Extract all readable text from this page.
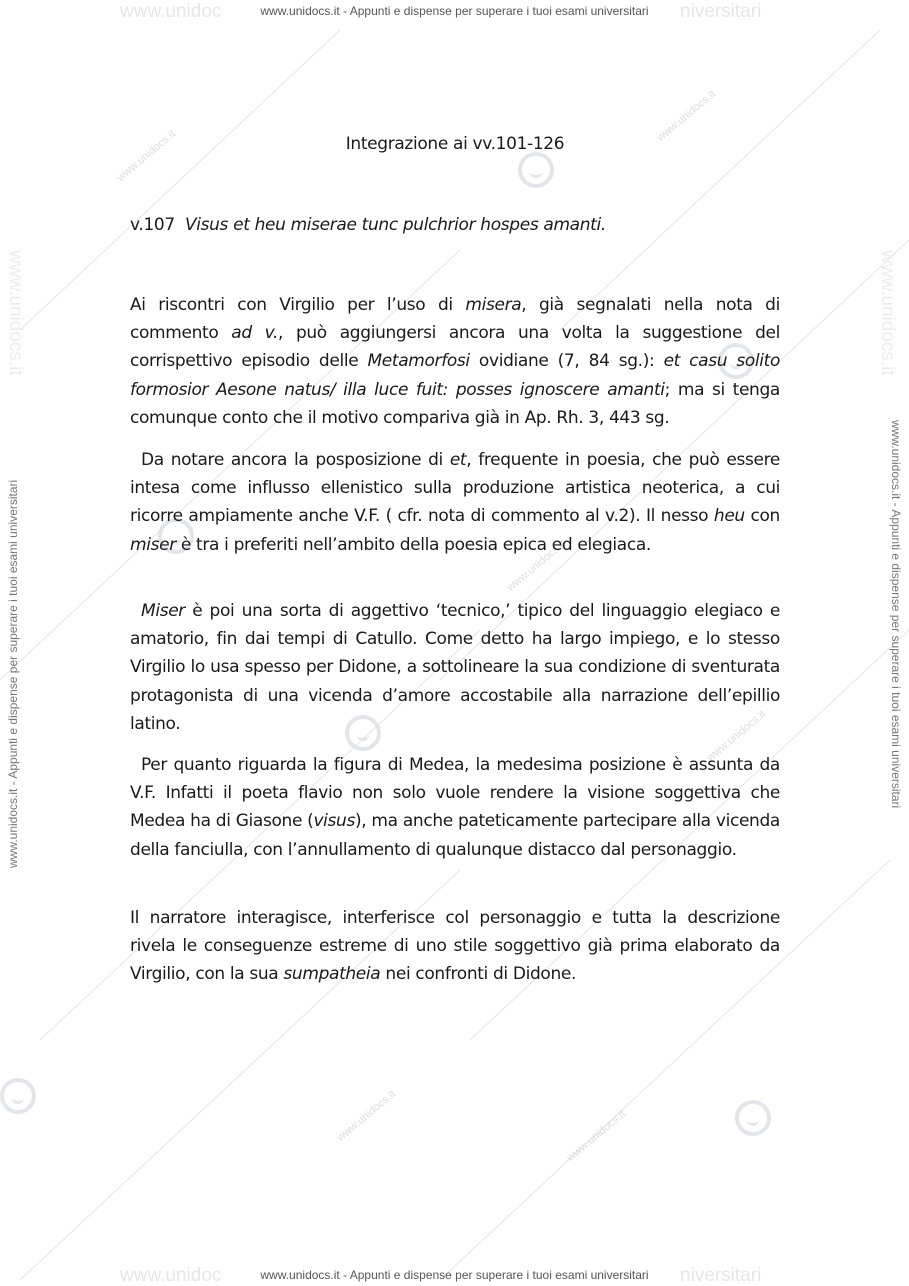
www.unidoc	niversitari
www.unidoc	niversitari
www.unidocs.it - Appunti e dispense per superare i tuoi esami universitari
www.unidocs.it - Appunti e dispense per superare i tuoi esami universitari
www.unidocs.it - Appunti e dispense per superare i tuoi esami universitari	www.unidocs.it - Appunti e dispense per superare i tuoi esami universitari
www.unidocs.it	www.unidocs.it
www.unidocs.it
www.unidocs.it
www.unidocs.it
www.unidocs.it
www.unidocs.it	www.unidocs.it
Integrazione ai vv.101-126
v.107 Visus et heu miserae tunc pulchrior hospes amanti.
Ai riscontri con Virgilio per l’uso di misera, già segnalati nella nota di commento ad v., può aggiungersi ancora una volta la suggestione del corrispettivo episodio delle Metamorfosi ovidiane (7, 84 sg.): et casu solito formosior Aesone natus/ illa luce fuit: posses ignoscere amanti; ma si tenga comunque conto che il motivo compariva già in Ap. Rh. 3, 443 sg.
Da notare ancora la posposizione di et, frequente in poesia, che può essere intesa come influsso ellenistico sulla produzione artistica neoterica, a cui ricorre ampiamente anche V.F. ( cfr. nota di commento al v.2). Il nesso heu con miser è tra i preferiti nell’ambito della poesia epica ed elegiaca.
Miser è poi una sorta di aggettivo ‘tecnico,’ tipico del linguaggio elegiaco e amatorio, fin dai tempi di Catullo. Come detto ha largo impiego, e lo stesso Virgilio lo usa spesso per Didone, a sottolineare la sua condizione di sventurata protagonista di una vicenda d’amore accostabile alla narrazione dell’epillio latino.
Per quanto riguarda la figura di Medea, la medesima posizione è assunta da V.F. Infatti il poeta flavio non solo vuole rendere la visione soggettiva che Medea ha di Giasone (visus), ma anche pateticamente partecipare alla vicenda della fanciulla, con l’annullamento di qualunque distacco dal personaggio.
Il narratore interagisce, interferisce col personaggio e tutta la descrizione rivela le conseguenze estreme di uno stile soggettivo già prima elaborato da Virgilio, con la sua sumpatheia nei confronti di Didone.
